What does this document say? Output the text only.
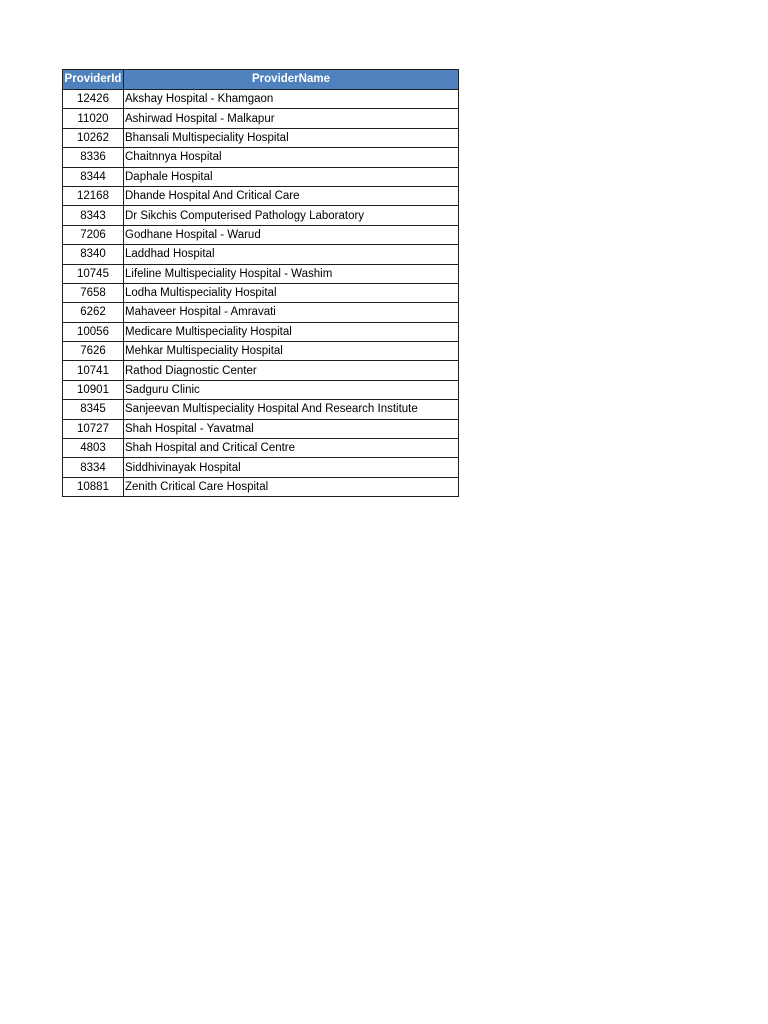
ProviderId	ProviderName
12426	Akshay Hospital - Khamgaon
11020	Ashirwad Hospital - Malkapur
10262	Bhansali Multispeciality Hospital
8336	Chaitnnya Hospital
8344	Daphale Hospital
12168	Dhande Hospital And Critical Care
8343	Dr Sikchis Computerised Pathology Laboratory
7206	Godhane Hospital - Warud
8340	Laddhad Hospital
10745	Lifeline Multispeciality Hospital - Washim
7658	Lodha Multispeciality Hospital
6262	Mahaveer Hospital - Amravati
10056	Medicare Multispeciality Hospital
7626	Mehkar Multispeciality Hospital
10741	Rathod Diagnostic Center
10901	Sadguru Clinic
8345	Sanjeevan Multispeciality Hospital And Research Institute
10727	Shah Hospital - Yavatmal
4803	Shah Hospital and Critical Centre
8334	Siddhivinayak Hospital
10881	Zenith Critical Care Hospital
